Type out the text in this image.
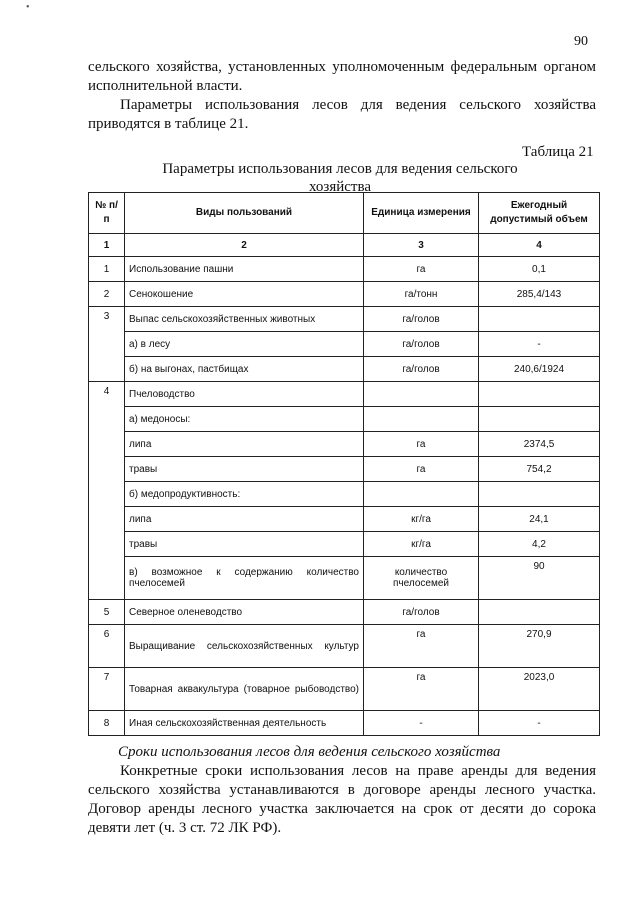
•
90

сельского хозяйства, установленных уполномоченным федеральным органом исполнительной власти.

Параметры использования лесов для ведения сельского хозяйства приводятся в таблице 21.

Таблица 21
Параметры использования лесов для ведения сельского хозяйства
№ п/п	Виды пользований	Единица измерения	Ежегодный допустимый объем
1	2	3	4
1	Использование пашни	га	0,1
2	Сенокошение	га/тонн	285,4/143
3	Выпас сельскохозяйственных животных	га/голов	
	а) в лесу	га/голов	-
	б) на выгонах, пастбищах	га/голов	240,6/1924
4	Пчеловодство		
	а) медоносы:		
	липа	га	2374,5
	травы	га	754,2
	б) медопродуктивность:		
	липа	кг/га	24,1
	травы	кг/га	4,2
	в) возможное к содержанию количество пчелосемей	количество пчелосемей	90
5	Северное оленеводство	га/голов	
6	Выращивание сельскохозяйственных культур	га	270,9
7	Товарная аквакультура (товарное рыбоводство)	га	2023,0
8	Иная сельскохозяйственная деятельность	-	-
Сроки использования лесов для ведения сельского хозяйства

Конкретные сроки использования лесов на праве аренды для ведения сельского хозяйства устанавливаются в договоре аренды лесного участка. Договор аренды лесного участка заключается на срок от десяти до сорока девяти лет (ч. 3 ст. 72 ЛК РФ).
